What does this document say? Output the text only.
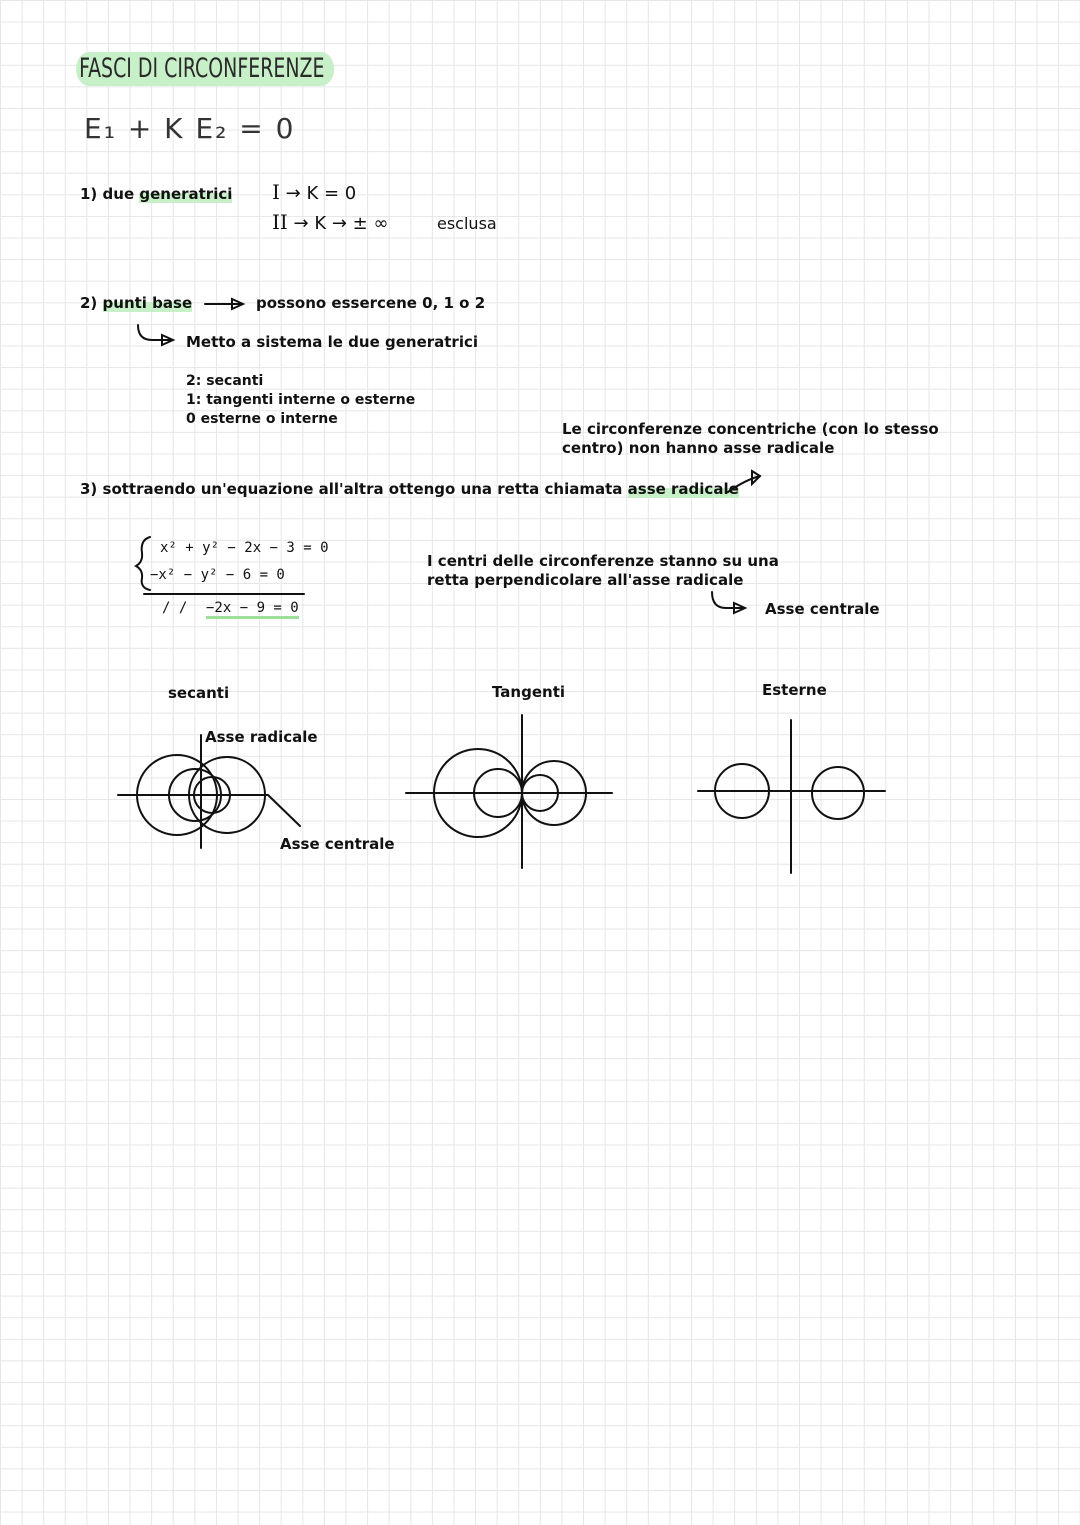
FASCI DI CIRCONFERENZE
E₁ + K E₂ = 0
1) due generatrici I → K = 0
II → K → ± ∞	esclusa
2) punti base	possono essercene 0, 1 o 2
Metto a sistema le due generatrici
2: secanti
1: tangenti interne o esterne
0 esterne o interne
Le circonferenze concentriche (con lo stesso
centro) non hanno asse radicale
3) sottraendo un'equazione all'altra ottengo una retta chiamata asse radicale
x² + y² − 2x − 3 = 0
−x² − y² − 6 = 0
/ / −2x − 9 = 0
I centri delle circonferenze stanno su una
retta perpendicolare all'asse radicale
Asse centrale
secanti	Tangenti	Esterne
Asse radicale
Asse centrale
